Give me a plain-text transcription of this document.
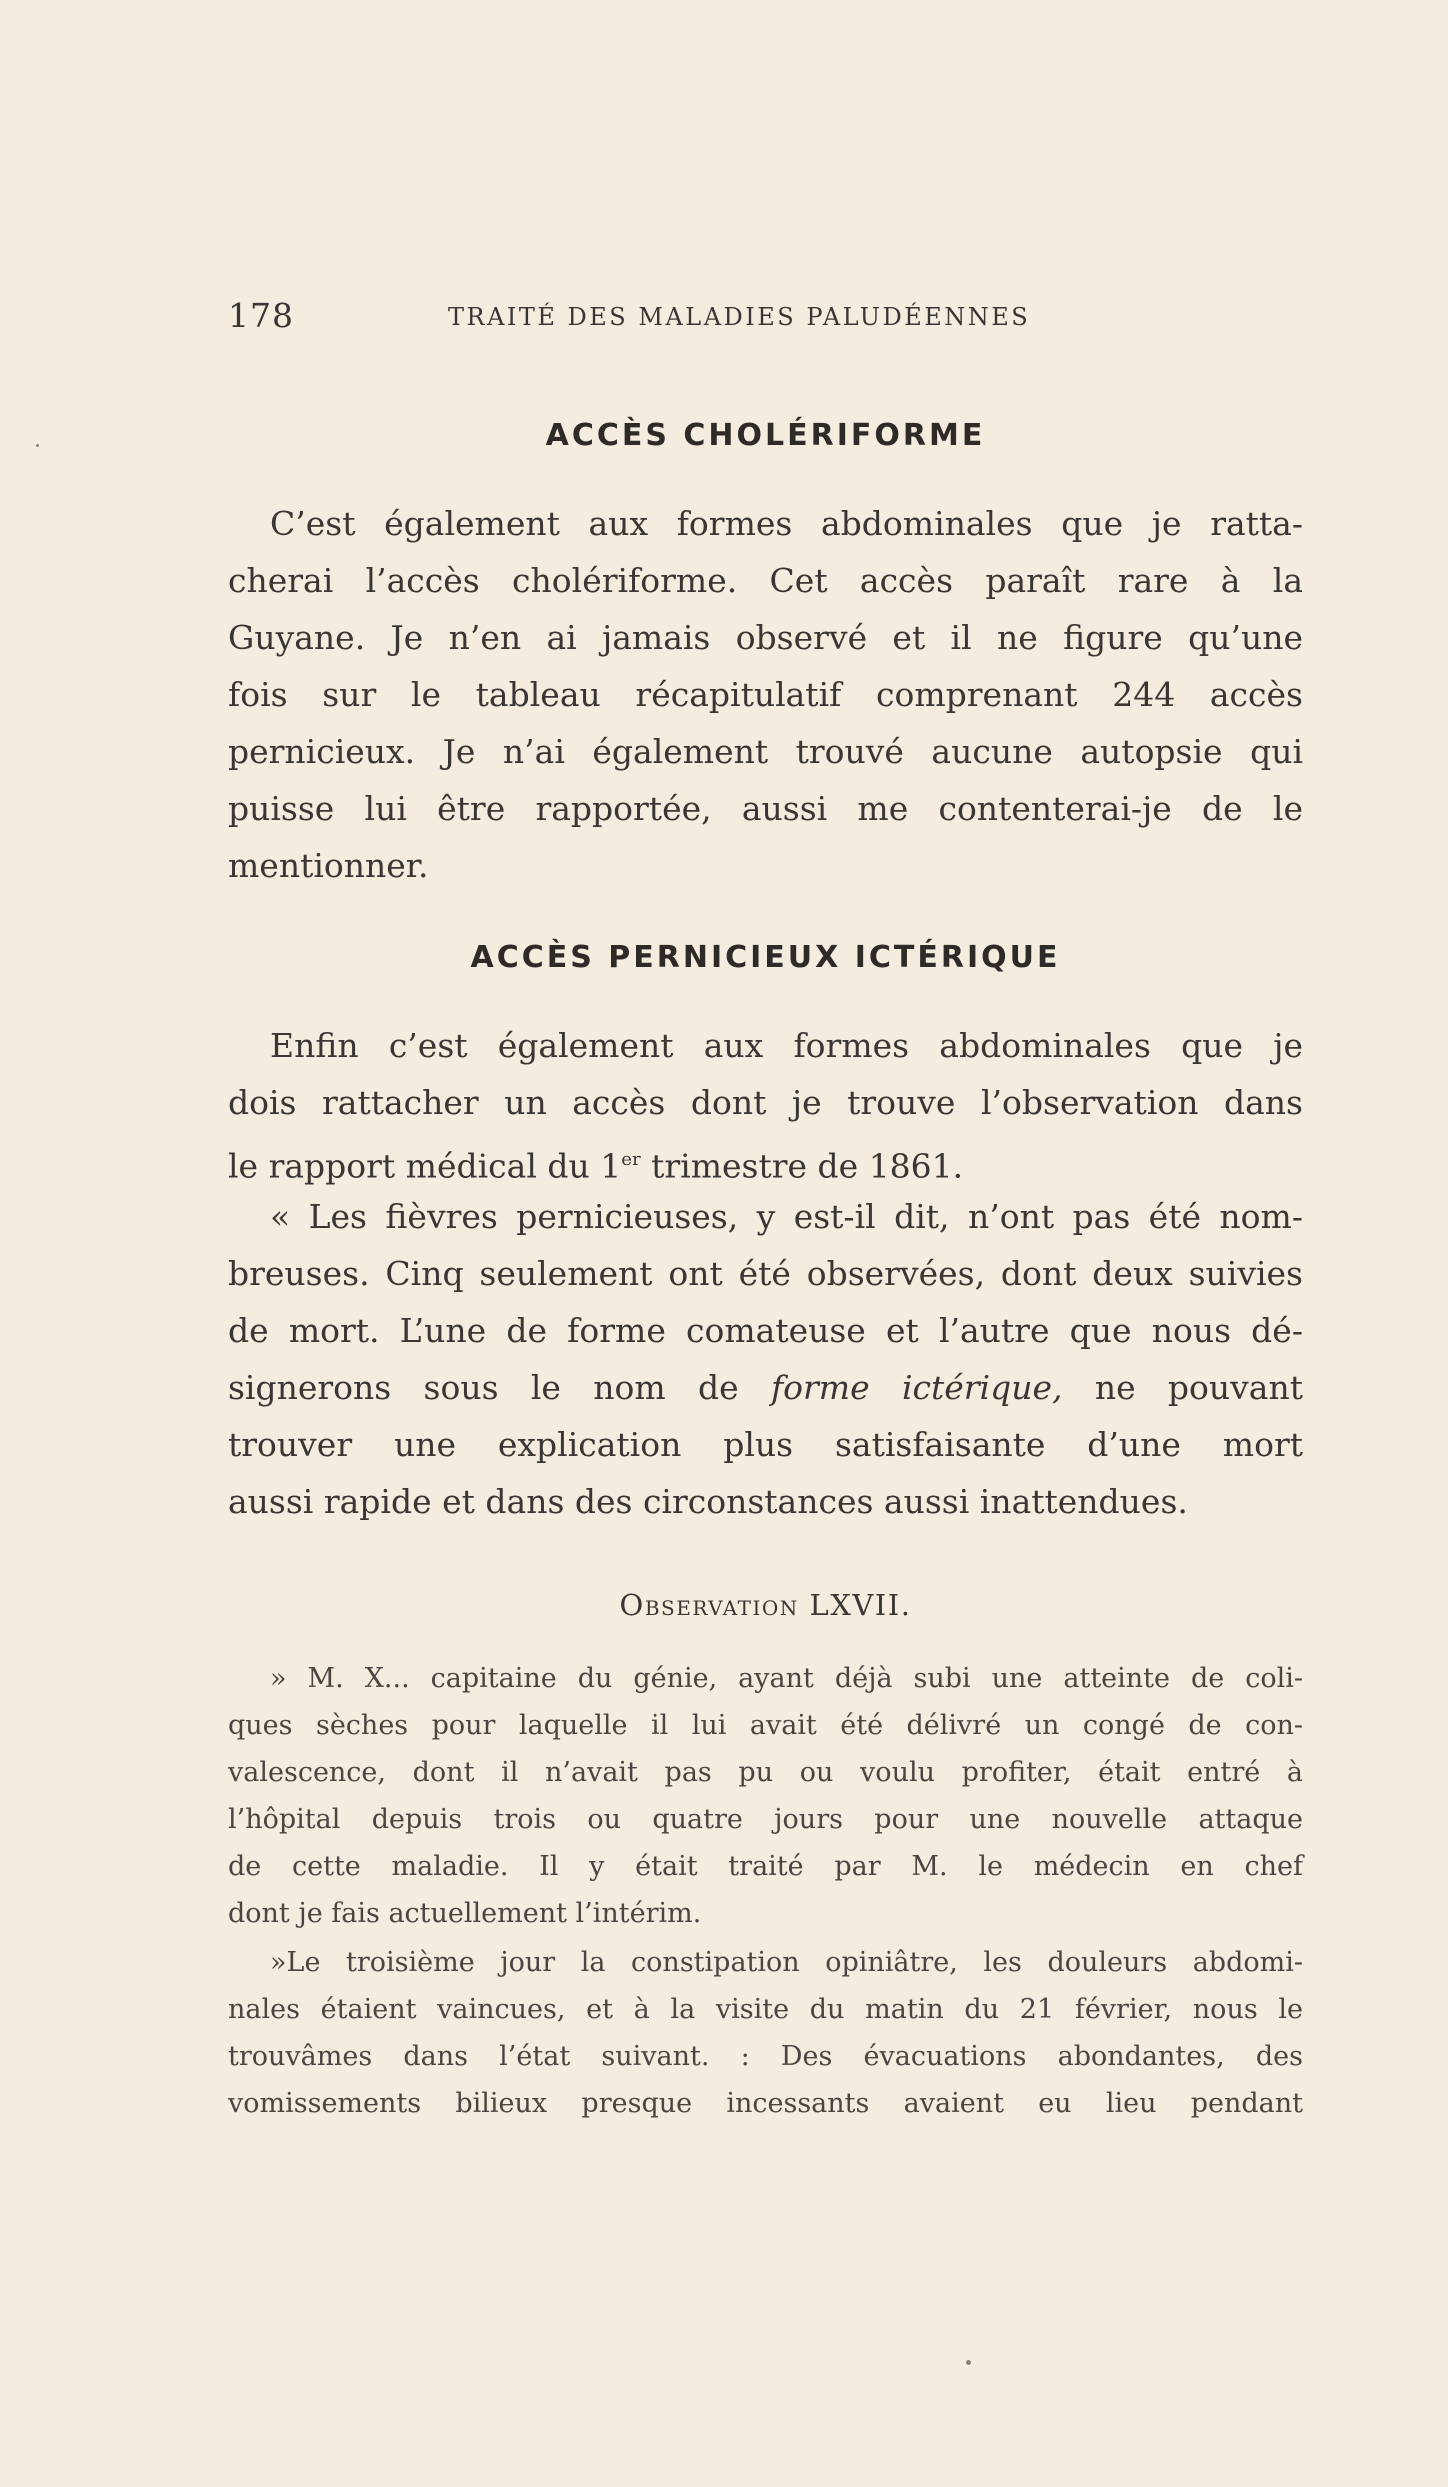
178	TRAITÉ DES MALADIES PALUDÉENNES
ACCÈS CHOLÉRIFORME

C’est également aux formes abdominales que je ratta-
cherai l’accès cholériforme. Cet accès paraît rare à la
Guyane. Je n’en ai jamais observé et il ne figure qu’une
fois sur le tableau récapitulatif comprenant 244 accès
pernicieux. Je n’ai également trouvé aucune autopsie qui
puisse lui être rapportée, aussi me contenterai-je de le
mentionner.

ACCÈS PERNICIEUX ICTÉRIQUE

Enfin c’est également aux formes abdominales que je
dois rattacher un accès dont je trouve l’observation dans
le rapport médical du 1er trimestre de 1861.
« Les fièvres pernicieuses, y est-il dit, n’ont pas été nom-
breuses. Cinq seulement ont été observées, dont deux suivies
de mort. L’une de forme comateuse et l’autre que nous dé-
signerons sous le nom de forme ictérique, ne pouvant
trouver une explication plus satisfaisante d’une mort
aussi rapide et dans des circonstances aussi inattendues.

Observation LXVII.
» M. X... capitaine du génie, ayant déjà subi une atteinte de coli-
ques sèches pour laquelle il lui avait été délivré un congé de con-
valescence, dont il n’avait pas pu ou voulu profiter, était entré à
l’hôpital depuis trois ou quatre jours pour une nouvelle attaque
de cette maladie. Il y était traité par M. le médecin en chef
dont je fais actuellement l’intérim.
»Le troisième jour la constipation opiniâtre, les douleurs abdomi-
nales étaient vaincues, et à la visite du matin du 21 février, nous le
trouvâmes dans l’état suivant. : Des évacuations abondantes, des
vomissements bilieux presque incessants avaient eu lieu pendant
